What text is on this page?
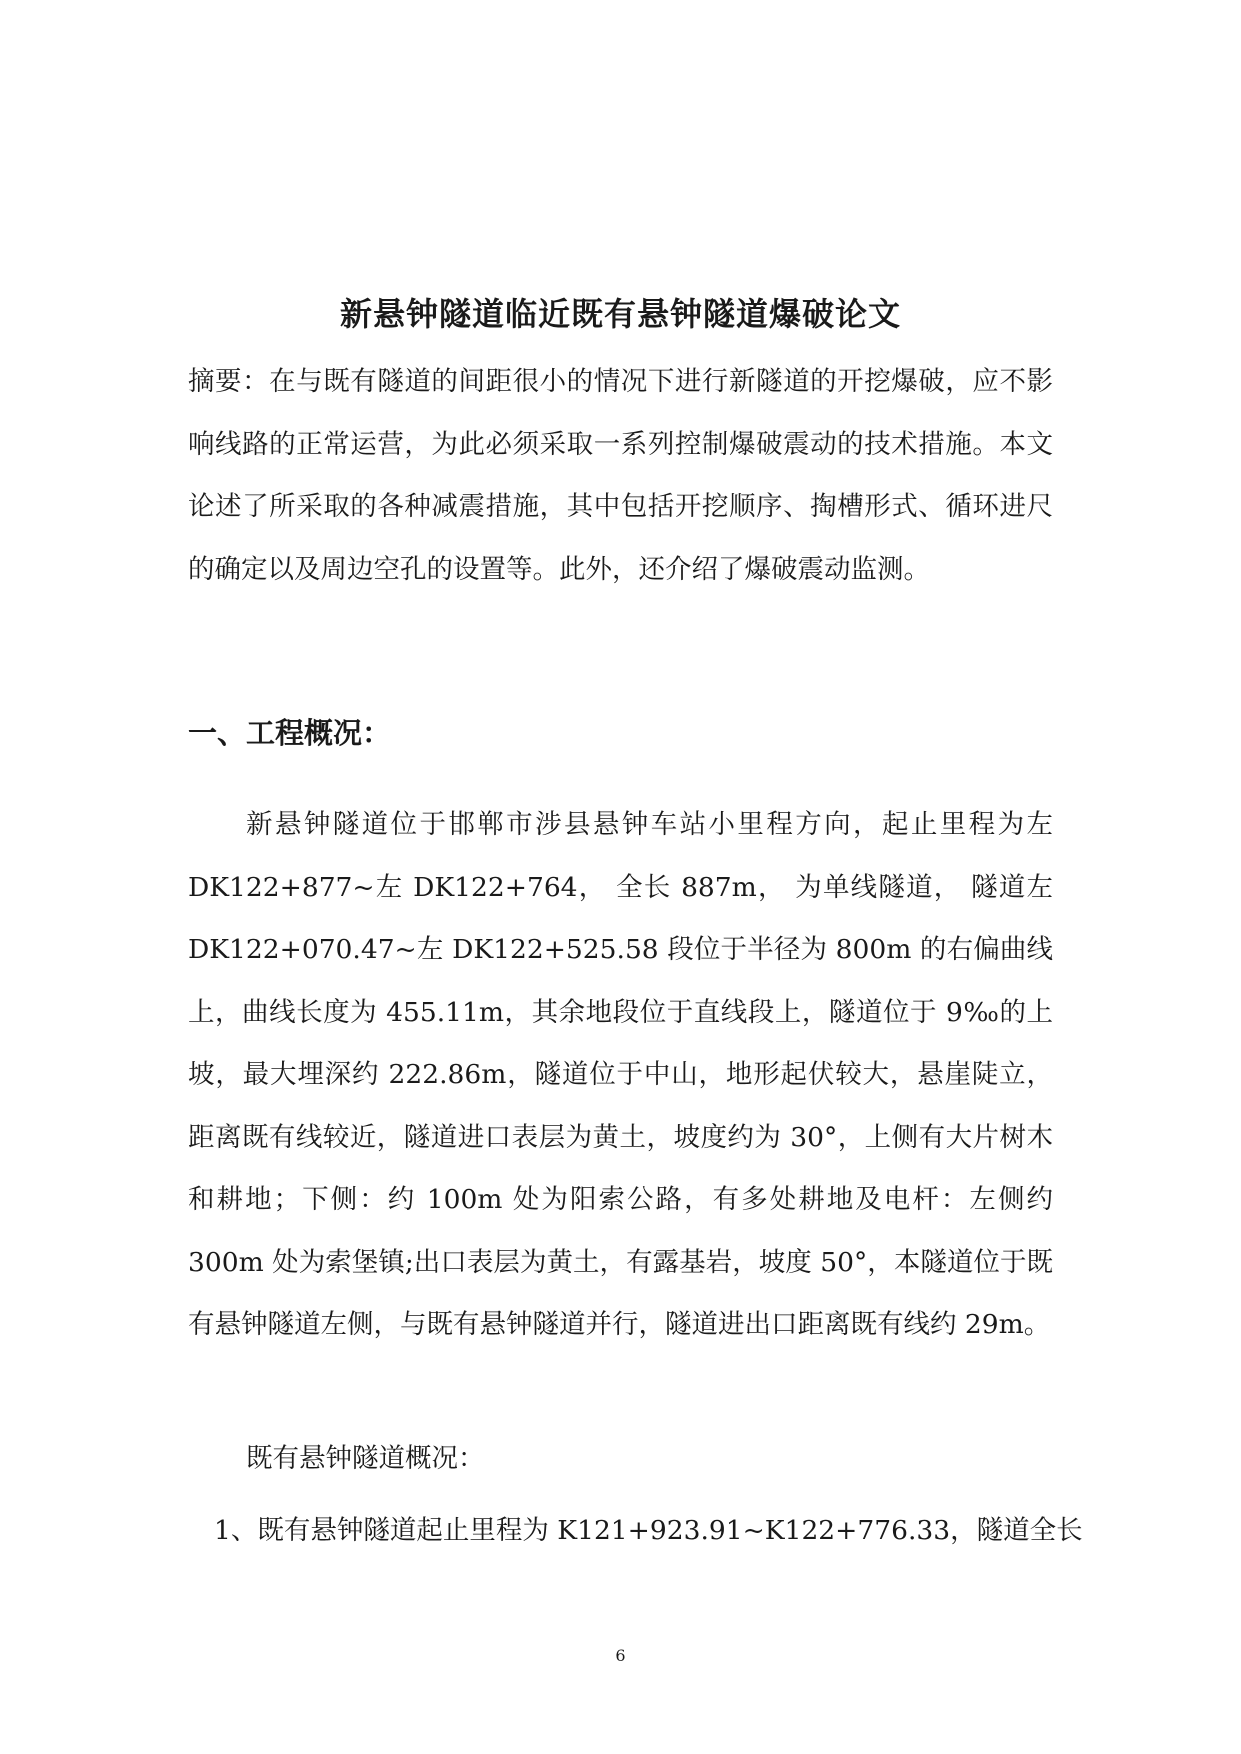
新悬钟隧道临近既有悬钟隧道爆破论文

摘要：在与既有隧道的间距很小的情况下进行新隧道的开挖爆破，应不影响线路的正常运营，为此必须采取一系列控制爆破震动的技术措施。本文论述了所采取的各种减震措施，其中包括开挖顺序、掏槽形式、循环进尺的确定以及周边空孔的设置等。此外，还介绍了爆破震动监测。

一、工程概况：

新悬钟隧道位于邯郸市涉县悬钟车站小里程方向，起止里程为左DK122+877~左 DK122+764， 全长 887m， 为单线隧道， 隧道左DK122+070.47~左 DK122+525.58 段位于半径为 800m 的右偏曲线上，曲线长度为 455.11m，其余地段位于直线段上，隧道位于 9‰的上坡，最大埋深约 222.86m，隧道位于中山，地形起伏较大，悬崖陡立，距离既有线较近，隧道进口表层为黄土，坡度约为 30°，上侧有大片树木和耕地；下侧：约 100m 处为阳索公路，有多处耕地及电杆：左侧约 300m 处为索堡镇;出口表层为黄土，有露基岩，坡度 50°，本隧道位于既有悬钟隧道左侧，与既有悬钟隧道并行，隧道进出口距离既有线约 29m。

既有悬钟隧道概况：
1、既有悬钟隧道起止里程为 K121+923.91~K122+776.33，隧道全长
6
